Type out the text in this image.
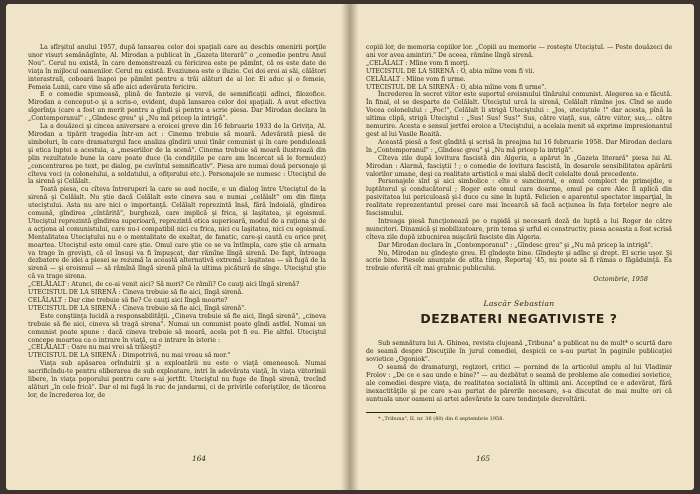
La sfîrşitul anului 1957, după lansarea celor doi spaţiali care au deschis omenirii porţile unor visuri semănăgînte, Al. Mirodan a publicat în „Gazeta literară" o „comedie pentru Anul Nou". Cerul nu există, în care demonstrează cu fericirea este pe pămînt, că os este date de viaţa în mijlocul oamenilor. Cerul nu există. Evaziunea este o iluzie. Cei doi eroi ai săi, călători interastrali, coboară înapoi pe pămînt pentru a trăi alături de ai lor. Ei aduc şi o femeie, Femeia Lunii, care vine să afle aici adevărata fericire.

E o comedie spumoasă, plină de fantezie şi vervă, de semnificaţii adînci, filozofice. Mirodan a conceput-o şi a scris-o, evident, după lansarea celor doi spaţiali. A avut efectiva sîgerînţa (care a fost un merit pentru a gîndi şi pentru a scrie piesa. Dar Mirodan declara în „Contemporanul" : „Gîndesc greu" şi „Nu mă pricep la intrigă".

La a douăzeci şi cincea aniversare a eroicei greve din 16 februarie 1933 de la Griviţa, Al. Mirodan a tipărit tragedia într-un act : Cinema trebuie să moară. Adevărată piesă de simboluri, în care dramaturgul face analiza gîndirii unui tînăr comunist şi în care pendulează şi etica luptei a acestuia, a „meseriilor de la scenă". Cinema trebuie să moară ilustrează din plin rezultatele bune la care poate duce (la condiţiile pe care am încercat să le formulez) „concentrarea pe text, pe dialog, pe cuvîntul semnificativ". Piesa are numai două personaje şi cîteva voci (a colonelului, a soldatului, a ofiţerului etc.). Personajele se numesc : Uteciştul de la sirenă şi Celălalt.

Toată piesa, cu cîteva întreruperi la care se aud nocile, e un dialog între Uteciştul de la sirenă şi Celălalt. Nu ştie dacă Celălalt este cineva sau e numai „celălalt" om din fiinţa uteciştului. Asta nu are nici o importanţă. Celălalt reprezintă însă, fără îndoială, gîndirea comună, gîndirea „cîntărită", burgheză, care implică şi frica, şi laşitatea, şi egoismul. Uteciştul reprezintă gîndirea superioară, reprezintă etica superioară, modul de a raţiona şi de a acţiona al comunistului, care nu-i compatibil nici cu frica, nici cu laşitatea, nici cu egoismul. Mentalitatea Uteciştului nu e o mentalitate de exaltat, de fanatic, care-şi caută cu orice preţ moartea. Uteciştul este omul care ştie. Omul care ştie ce se va întîmpla, care ştie că armata va trage în grevişti, că el însuşi va fi împuşcat, dar rămîne lîngă sirenă. De fapt, întreaga dezbatere de idei a piesei se rezumă la această alternativă extremă : laşitatea — să fugă de la sirenă — şi eroismul — să rămînă lîngă sirenă pînă la ultima picătură de sînge. Uteciştul ştie că va trage sirena.

„CELĂLALT : Atunci, de ce-ai venit aici? Să mori? Ce rămîi? Ce cauţi aici lîngă sirenă?

UTECISTUL DE LA SIRENĂ : Cineva trebuie să fie aici, lîngă sirenă.

CELĂLALT : Dar cine trebuie să fie? Ce cauţi aici lîngă moarte?

UTECISTUL DE LA SIRENĂ : Cineva trebuie să fie aici, lîngă sirenă".

Este conştiinţa lucidă a responsabilităţii. „Cineva trebuie să fie aici, lîngă sirenă", „cineva trebuie să fie aici, cineva să tragă sirena". Numai un comunist poate gîndi astfel. Numai un comunist poate spune : dacă cineva trebuie să moară, acela pot fi eu. Fie altfel. Uteciştul concepe moartea ca o intrare în viaţă, ca o intrare în istorie :

„CELĂLALT : Oare nu mai vrei să trăieşti?

UTECISTUL DE LA SIRENĂ : Dimpotrivă, nu mai vreau să mor."

Viaţa sub apăsarea orînduirii şi a exploatării nu este o viaţă omenească. Numai sacrificîndu-te pentru eliberarea de sub exploatare, intri în adevărata viaţă, în viaţa viitorimii libere, în viaţa poporului pentru care s-ai jertfit. Uteciştul nu fuge de lîngă sirenă, trecînd alături „în cele frică". Dar el mi fugă în ruc de jandarmi, ci de privirile ceferiştilor, de tăcerea lor, de încrederea lor, de

164

copiii lor, de memoria copiilor lor. „Copiii au memorie — rosteşte Uteciştul. — Peste douăzeci de ani vor avea amintiri." De aceea, rămîne lîngă sirenă.

„CELĂLALT : Mîine vom fi morţi.

UTECISTUL DE LA SIRENĂ : O, abia mîine vom fi vii.

CELĂLALT : Mîine vom fi urme.

UTECISTUL DE LA SIRENĂ : O, abia mîine vom fi urme".

Încrederea în secret viitor este suportul eroismului tînărului comunist. Alegerea sa e făcută. În final, el se desparte de Celălalt. Uteciştul urcă la sirenă, Celălalt rămîne jos. Cînd se aude Vocea colonelului : „Foc!", Celălalt îi strigă Uteciştului : „Jos, uteciştule !" dar acesta, pînă la ultima clipă, strigă Uteciştul : „Sus! Sus! Sus!" Sus, către viaţă, sus, către viitor, sus,... către nemurire. Acesta e sensul jertfei eroice a Uteciştului, a acelaia menit să exprime impresionantul gest al lui Vasile Roaită.

Această piesă a fost gîndită şi scrisă în preajma lui 16 februarie 1958. Dar Mirodan declara în „Contemporanul" : „Gîndesc greu" şi „Nu mă pricep la intrigă".

Cîteva zile după lovitura fascistă din Algeria, a apărut în „Gazeta literară" piesa lui Al. Mirodan : Alarmă, fasciştii ! ; o comedie de lovitura fascistă, în dosarele sensibilitatea apărării valorilor umane, deşi ca realitate artistică e mai slabă decît celelalte două precedente.

Personajele sînt şi aici simbolice : eîte e suncinoral, e omul complect de primejdie, e luptătorul şi conducătorul ; Roger este omul care doarme, omul pe care Alec îl aplică din pasivitatea lui periculoasă şi-l duce cu sine în luptă. Felicien e aparentul spectator imparţial, în realitate reprezentantul presei care mai încearcă să facă acţiunea în fața forțelor negre ale fascismului.

Intreaga piesă funcţionează pe o rapidă şi necesară doză de luptă a lui Roger de către muncitori. Dinamică şi mobilizatoare, prin tema şi urful ei constructiv, piesa aceasta a fost scrisă cîteva zile după izbucnirea mişcării fasciste din Algeria.

Dar Mirodan declara în „Contemporanul" : „Gîndesc greu" şi „Nu mă pricep la intrigă".

Nu, Mirodan nu gîndeşte greu. El gîndeşte bine. Gîndeşte şi adînc şi drept. El scrie uşor. Şi scrie bine. Piesele anunţate de atîta timp, Reportaj '45, nu poate să fi rămas o făgăduinţă. Ea trebuie oferită cît mai grabnic publicului.

Octombrie, 1958
Lascăr Sebastian
DEZBATERI NEGATIVISTE ?

Sub semnătura lui A. Ghinea, revista clujeană „Tribuna" a publicat nu de mult* o scurtă dare de seamă despre Discuţiile în jurul comediei, despicii ce s-au purtat în paginile publicaţiei sovietice „Ogoniok".

O seamă de dramaturgi, regizori, critici — pornind de la articolul amplu al lui Vladimir Frolov : „De ce e sau unde e bine?" — au dezbătut o seamă de probleme ale comediei sovietice, ale comediei despre viaţa, de realitatea socialistă în ultimii ani. Acceptînd ce e adevărat, fără inexactităţile şi pe care s-au purtat de părerile necesare, s-a discutat de mai multe ori că suntuala unor oameni ai artei adevărate la care tendinţele dezvoltării.

* „Tribuna", II, nr. 36 (80) din 6 septembrie 1958.

165
